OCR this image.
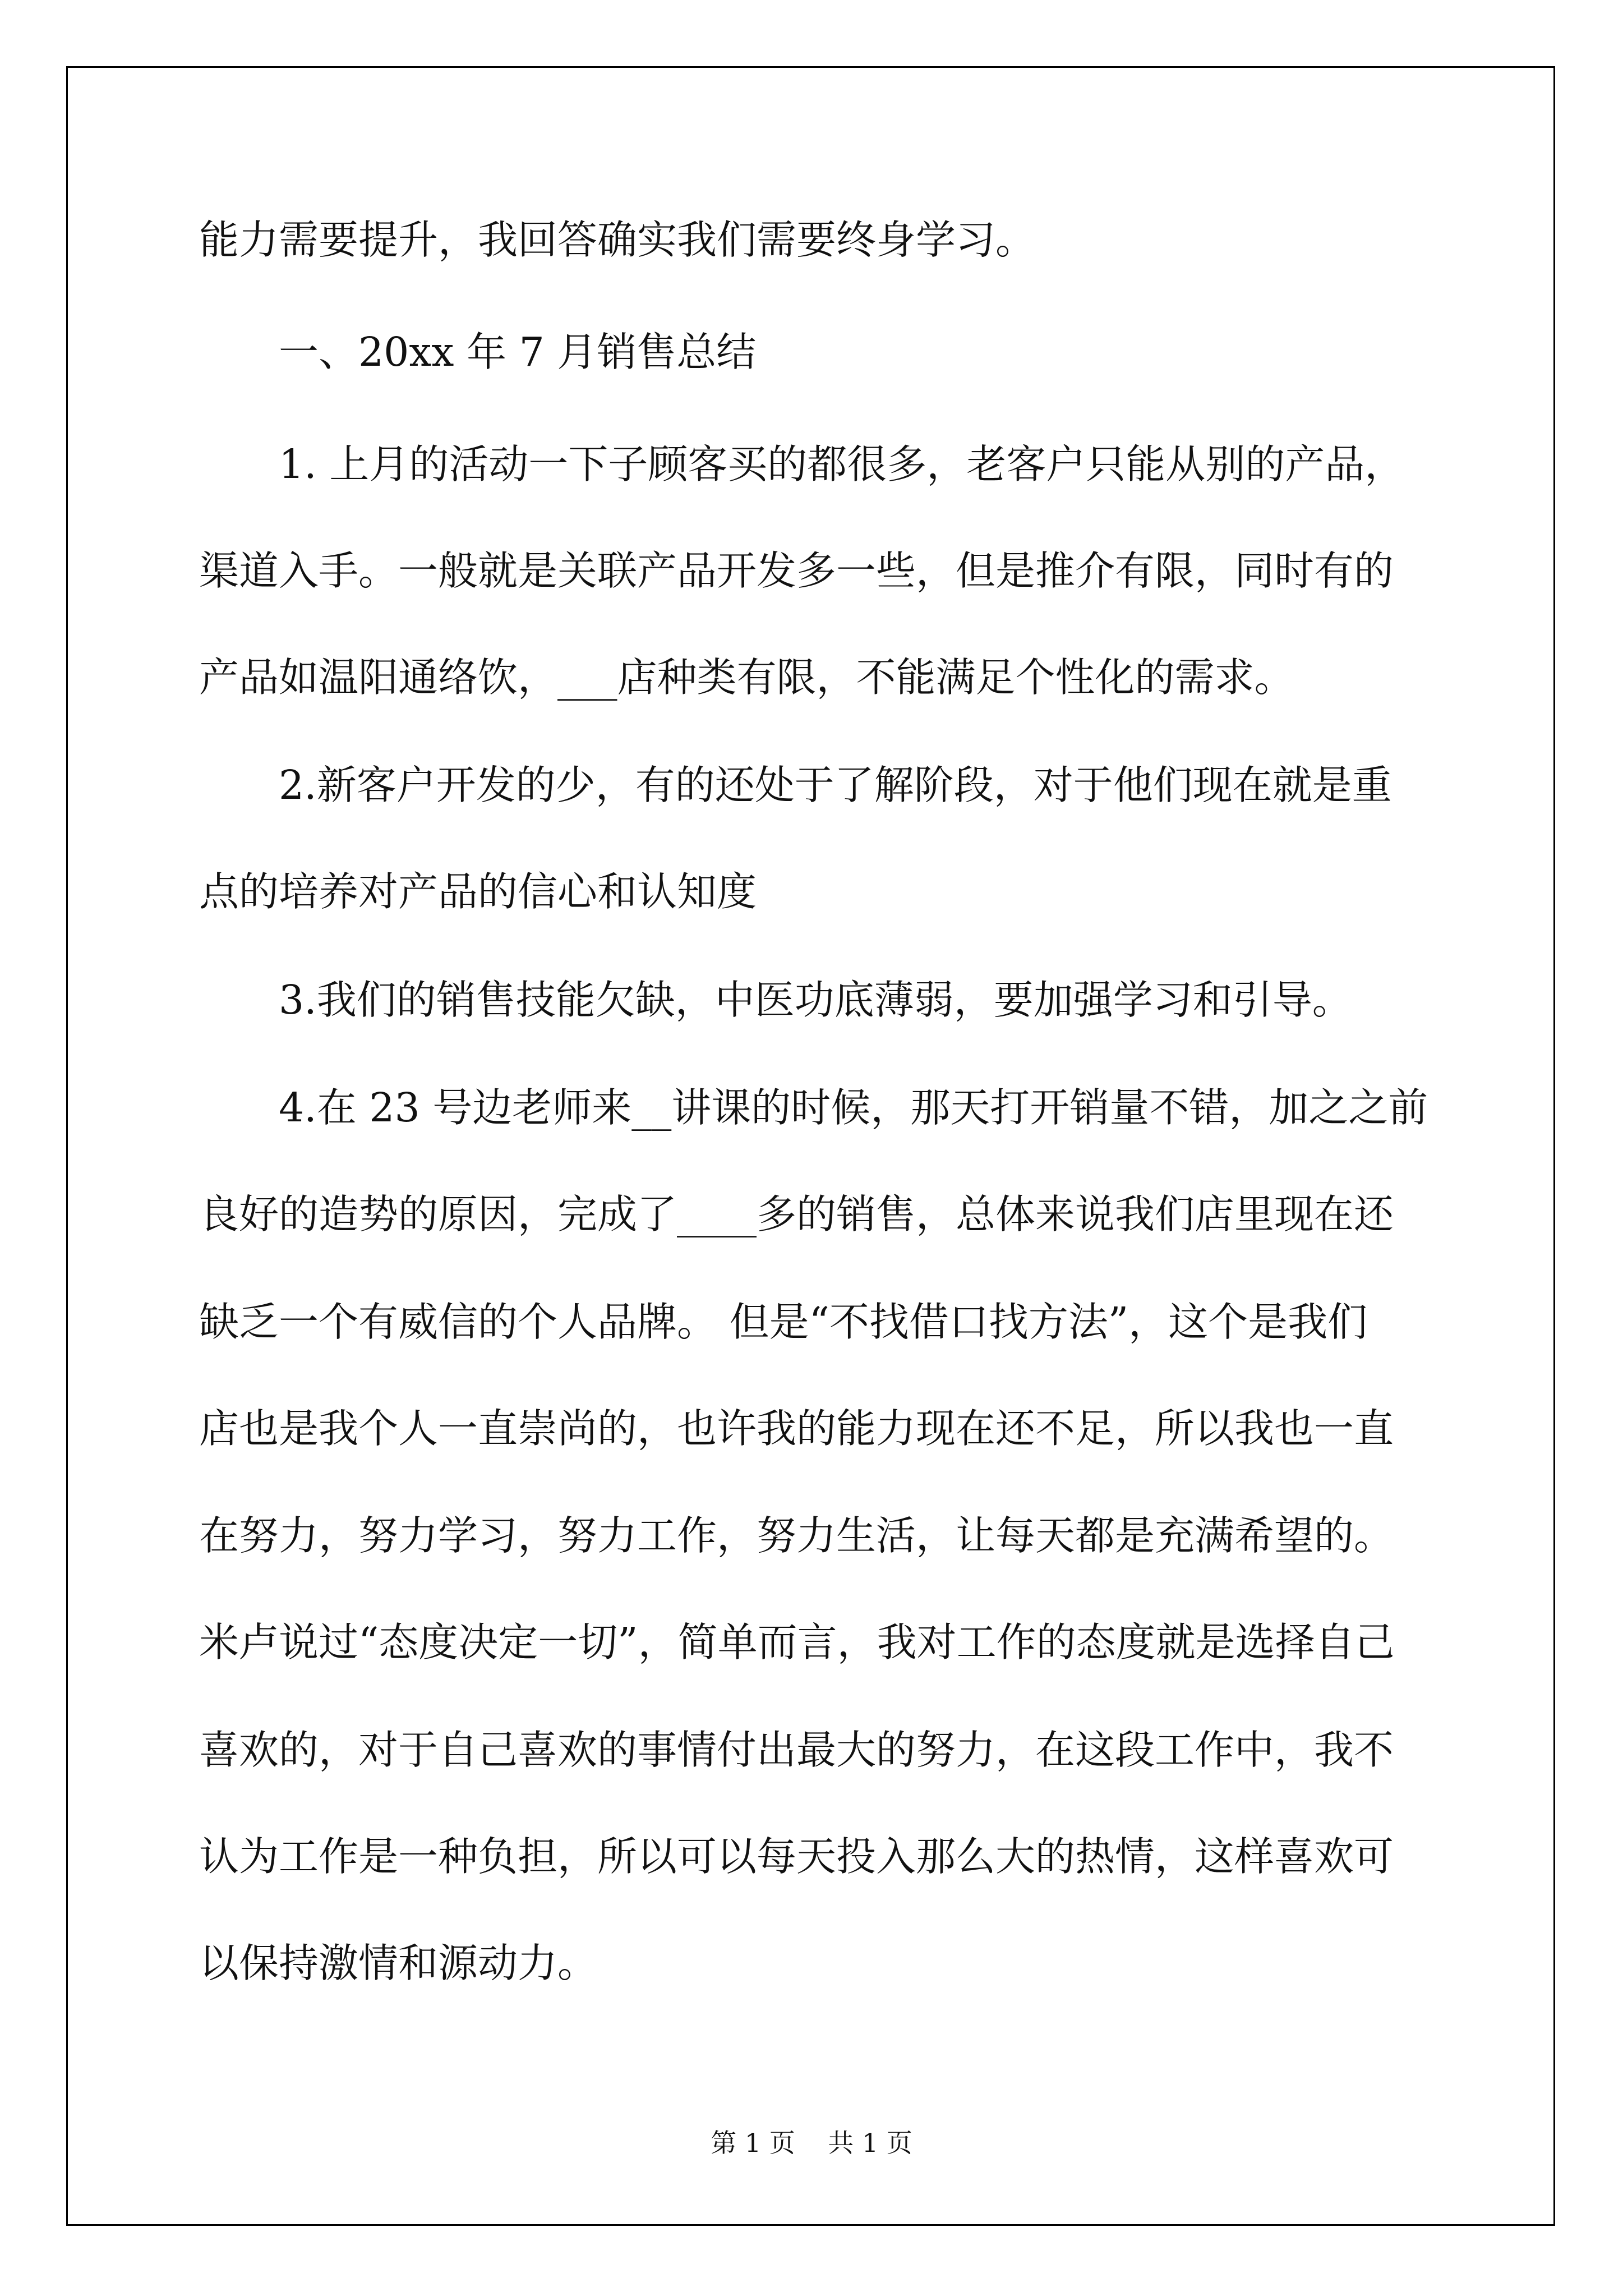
能力需要提升，我回答确实我们需要终身学习。

一、20xx 年 7 月销售总结

1. 上月的活动一下子顾客买的都很多，老客户只能从别的产品，

渠道入手。一般就是关联产品开发多一些，但是推介有限，同时有的

产品如温阳通络饮，___店种类有限，不能满足个性化的需求。

2.新客户开发的少，有的还处于了解阶段，对于他们现在就是重

点的培养对产品的信心和认知度

3.我们的销售技能欠缺，中医功底薄弱，要加强学习和引导。

4.在 23 号边老师来__讲课的时候，那天打开销量不错，加之之前

良好的造势的原因，完成了____多的销售，总体来说我们店里现在还

缺乏一个有威信的个人品牌。 但是“不找借口找方法”，这个是我们

店也是我个人一直崇尚的，也许我的能力现在还不足，所以我也一直

在努力，努力学习，努力工作，努力生活，让每天都是充满希望的。

米卢说过“态度决定一切”，简单而言，我对工作的态度就是选择自己

喜欢的，对于自己喜欢的事情付出最大的努力，在这段工作中，我不

认为工作是一种负担，所以可以每天投入那么大的热情，这样喜欢可

以保持激情和源动力。

第 1 页    共 1 页
